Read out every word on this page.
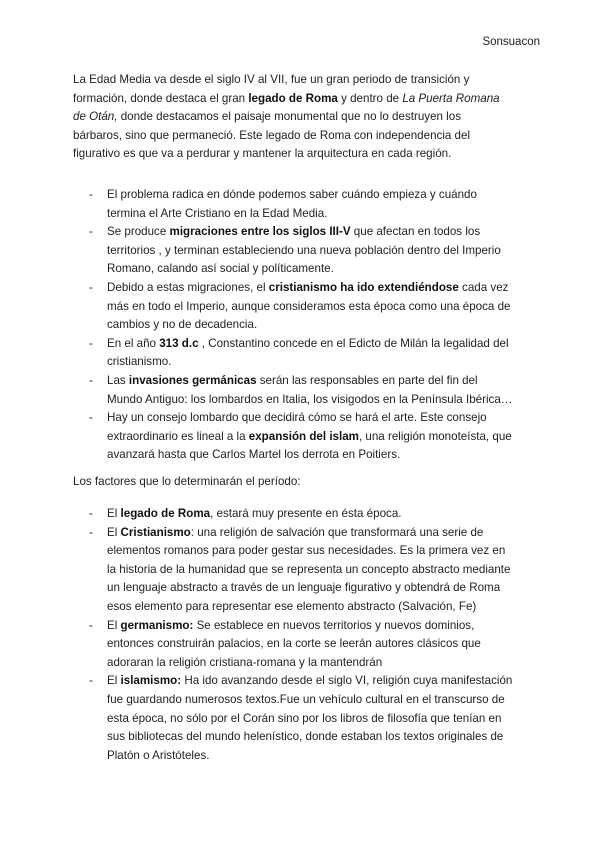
Sonsuacon

La Edad Media va desde el siglo IV al VII, fue un gran periodo de transición y formación, donde destaca el gran legado de Roma y dentro de La Puerta Romana de Otán, donde destacamos el paisaje monumental que no lo destruyen los bárbaros, sino que permaneció. Este legado de Roma con independencia del figurativo es que va a perdurar y mantener la arquitectura en cada región.

- El problema radica en dónde podemos saber cuándo empieza y cuándo termina el Arte Cristiano en la Edad Media.
- Se produce migraciones entre los siglos III-V que afectan en todos los territorios , y terminan estableciendo una nueva población dentro del Imperio Romano, calando así social y políticamente.
- Debido a estas migraciones, el cristianismo ha ido extendiéndose cada vez más en todo el Imperio, aunque consideramos esta época como una época de cambios y no de decadencia.
- En el año 313 d.c , Constantino concede en el Edicto de Milán la legalidad del cristianismo.
- Las invasiones germánicas serán las responsables en parte del fin del Mundo Antiguo: los lombardos en Italia, los visigodos en la Península Ibérica…
- Hay un consejo lombardo que decidirá cómo se hará el arte. Este consejo extraordinario es lineal a la expansión del islam, una religión monoteísta, que avanzará hasta que Carlos Martel los derrota en Poitiers.

Los factores que lo determinarán el período:

- El legado de Roma, estará muy presente en ésta época.
- El Cristianismo: una religión de salvación que transformará una serie de elementos romanos para poder gestar sus necesidades. Es la primera vez en la historia de la humanidad que se representa un concepto abstracto mediante un lenguaje abstracto a través de un lenguaje figurativo y obtendrá de Roma esos elemento para representar ese elemento abstracto (Salvación, Fe)
- El germanismo: Se establece en nuevos territorios y nuevos dominios, entonces construirán palacios, en la corte se leerán autores clásicos que adoraran la religión cristiana-romana y la mantendrán
- El islamismo: Ha ido avanzando desde el siglo VI, religión cuya manifestación fue guardando numerosos textos.Fue un vehículo cultural en el transcurso de esta época, no sólo por el Corán sino por los libros de filosofía que tenían en sus bibliotecas del mundo helenístico, donde estaban los textos originales de Platón o Aristóteles.
